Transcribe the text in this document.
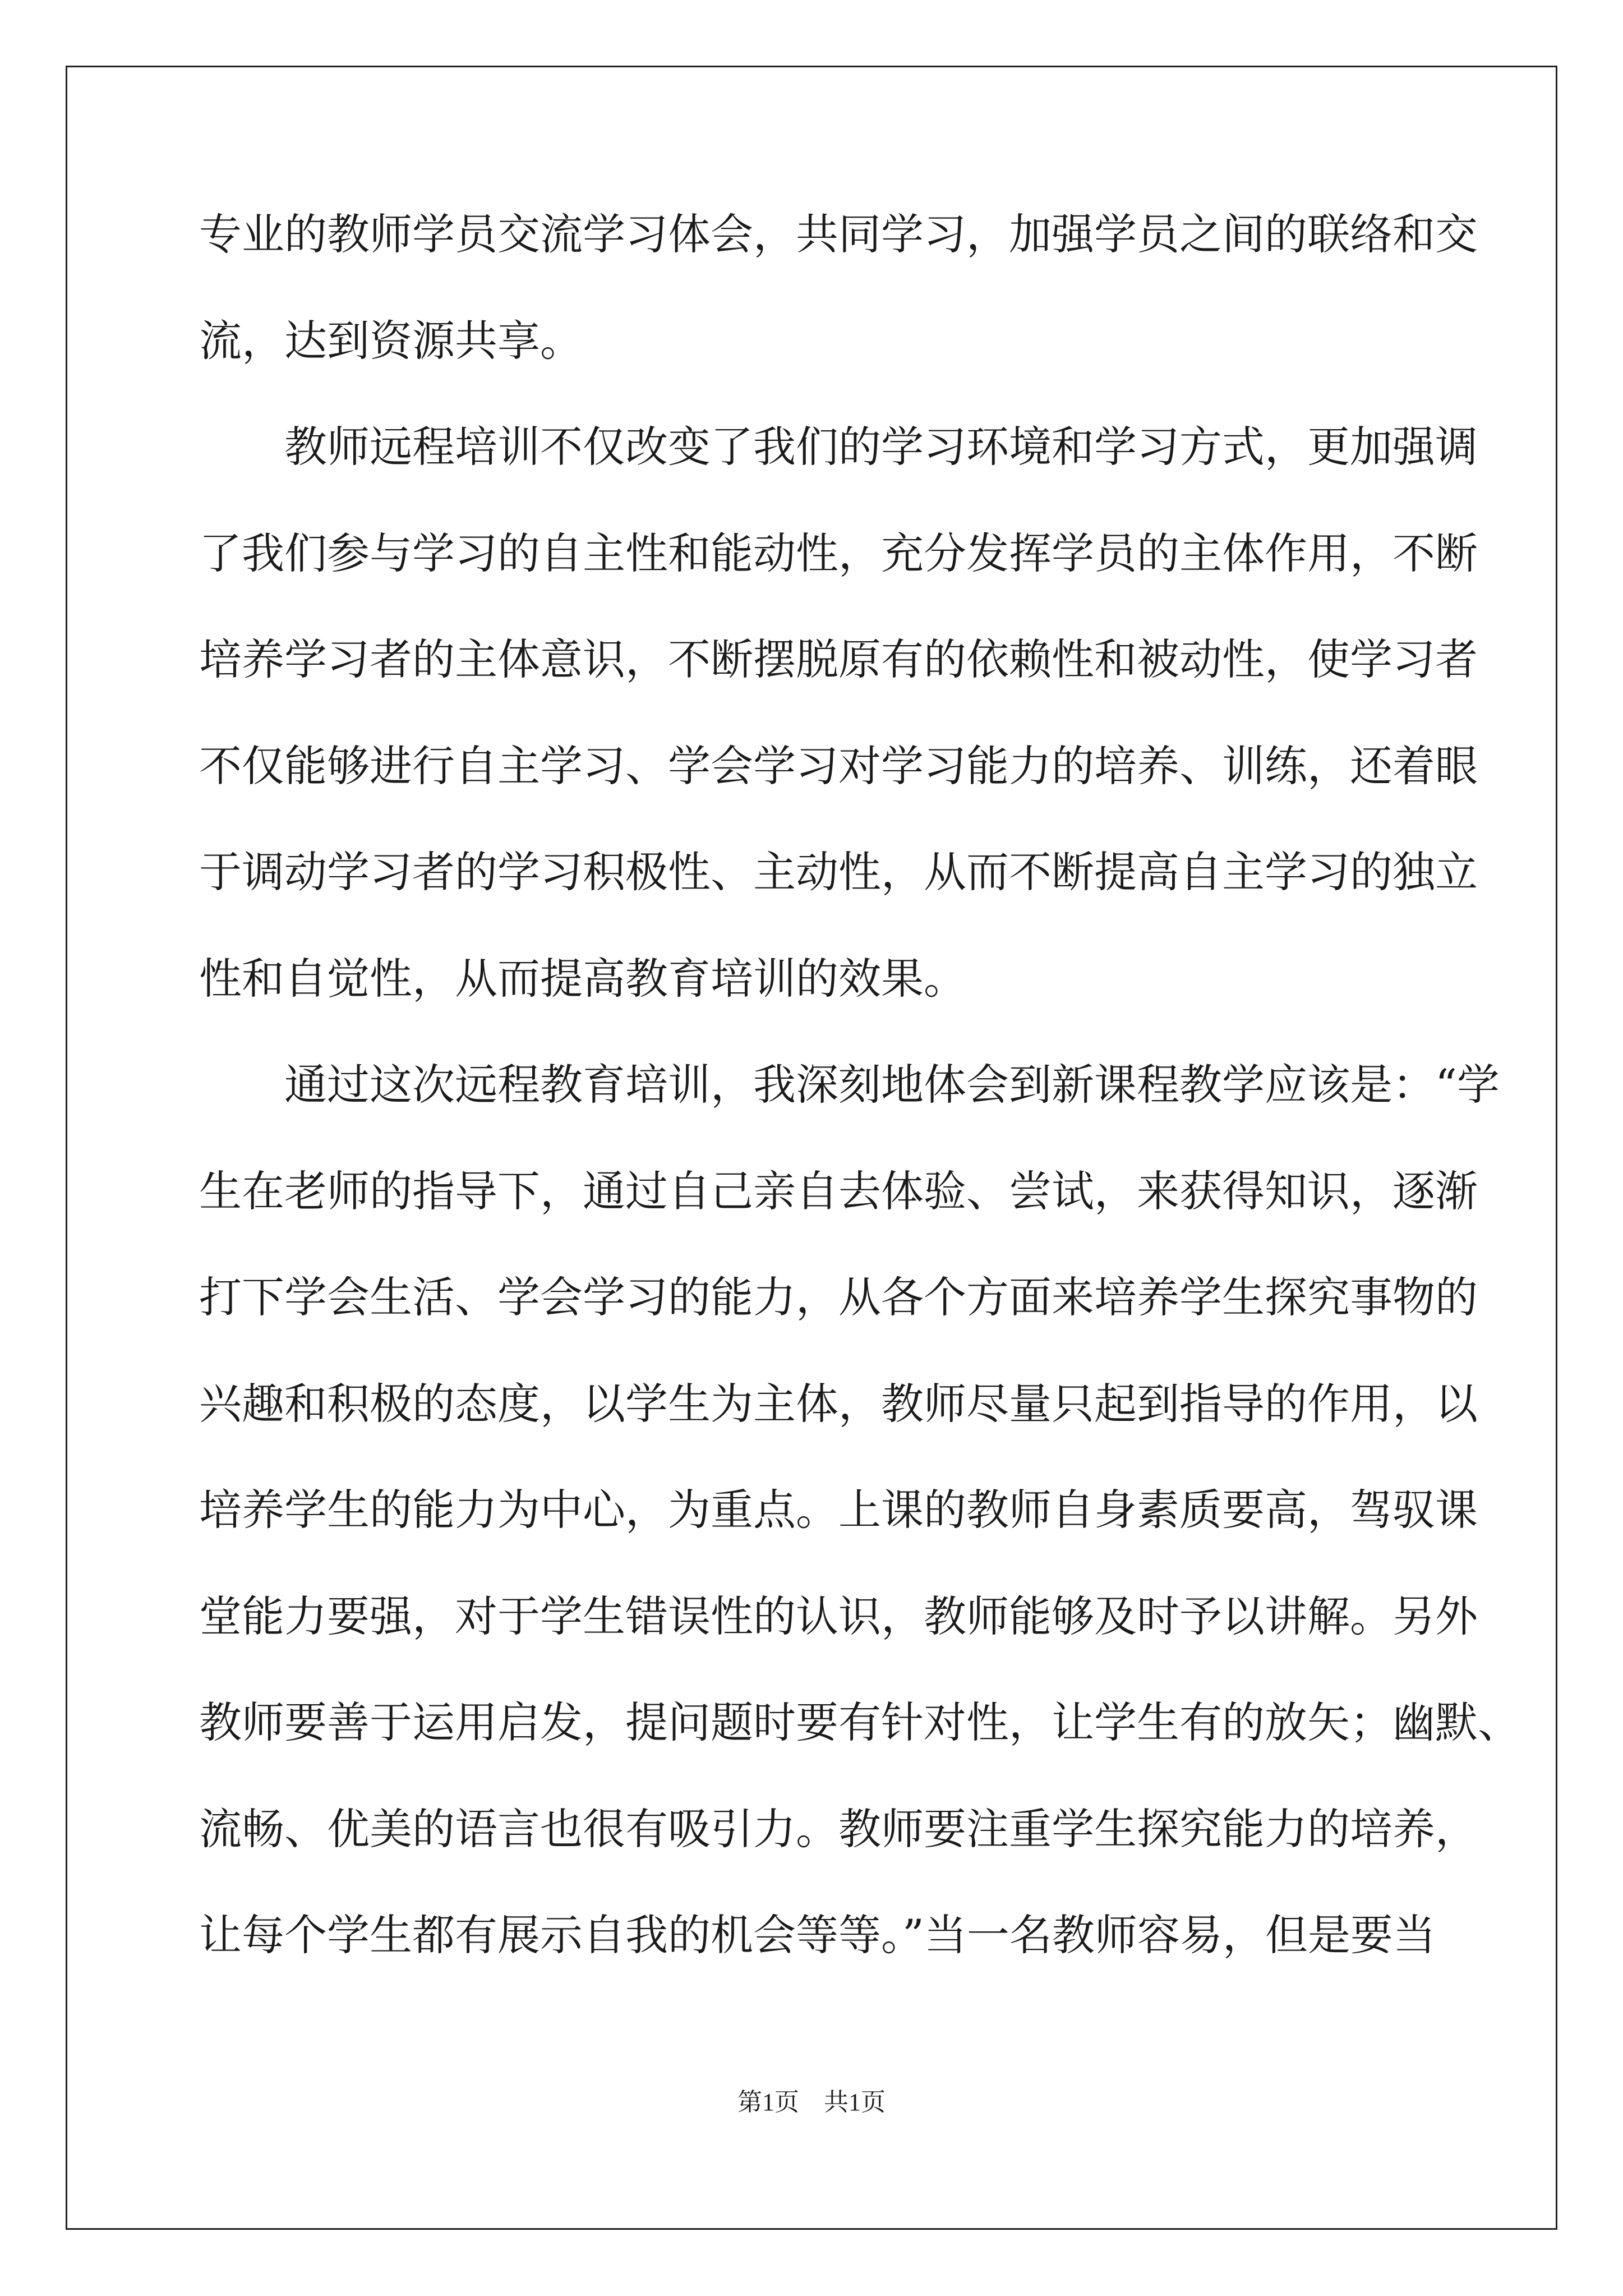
专业的教师学员交流学习体会，共同学习，加强学员之间的联络和交
流，达到资源共享。
　　教师远程培训不仅改变了我们的学习环境和学习方式，更加强调
了我们参与学习的自主性和能动性，充分发挥学员的主体作用，不断
培养学习者的主体意识，不断摆脱原有的依赖性和被动性，使学习者
不仅能够进行自主学习、学会学习对学习能力的培养、训练，还着眼
于调动学习者的学习积极性、主动性，从而不断提高自主学习的独立
性和自觉性，从而提高教育培训的效果。
　　通过这次远程教育培训，我深刻地体会到新课程教学应该是：“学
生在老师的指导下，通过自己亲自去体验、尝试，来获得知识，逐渐
打下学会生活、学会学习的能力，从各个方面来培养学生探究事物的
兴趣和积极的态度，以学生为主体，教师尽量只起到指导的作用，以
培养学生的能力为中心，为重点。上课的教师自身素质要高，驾驭课
堂能力要强，对于学生错误性的认识，教师能够及时予以讲解。另外
教师要善于运用启发，提问题时要有针对性，让学生有的放矢；幽默、
流畅、优美的语言也很有吸引力。教师要注重学生探究能力的培养，
让每个学生都有展示自我的机会等等。”当一名教师容易，但是要当
第1页　共1页
